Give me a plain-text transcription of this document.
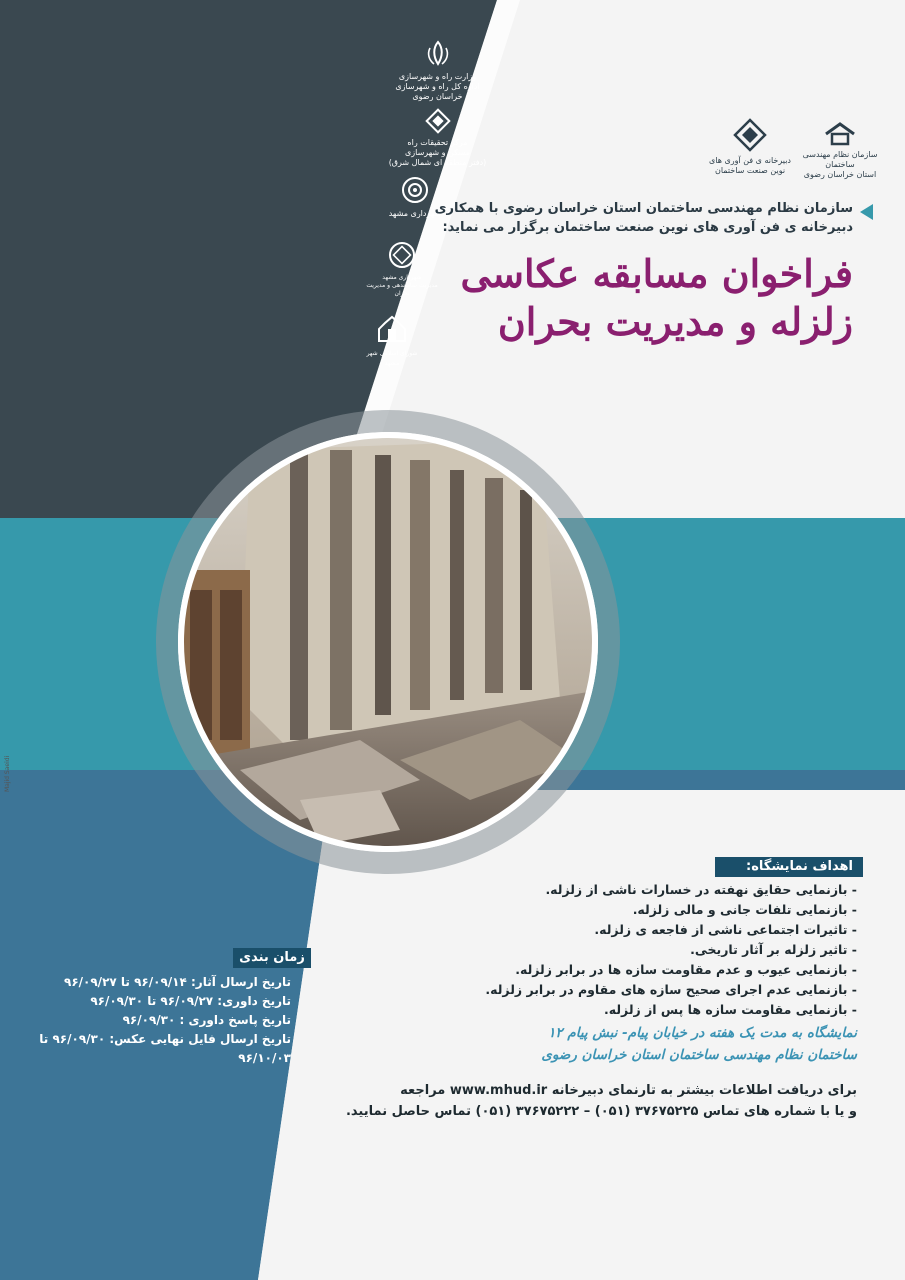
وزارت راه و شهرسازی
اداره کل راه و شهرسازی خراسان رضوی
مرکز تحقیقات راه
مسکن و شهرسازی
(دفتر منطقه ای شمال شرق)
شهرداری مشهد
شهرداری مشهد
مدیریت ساماندهی و مدیریت بحران
شورای اسلامی شهر مشهد
سازمان نظام مهندسی ساختمان
استان خراسان رضوی
دبیرخانه ی فن آوری های
نوین صنعت ساختمان
سازمان نظام مهندسی ساختمان استان خراسان رضوی با همکاری
دبیرخانه ی فن آوری های نوین صنعت ساختمان برگزار می نماید:
فراخوان مسابقه عکاسی
زلزله و مدیریت بحران
اهداف نمایشگاه:
- بازنمایی حقایق نهفته در خسارات ناشی از زلزله.
- بازنمایی تلفات جانی و مالی زلزله.
- تاثیرات اجتماعی ناشی از فاجعه ی زلزله.
- تاثیر زلزله بر آثار تاریخی.
- بازنمایی عیوب و عدم مقاومت سازه ها در برابر زلزله.
- بازنمایی عدم اجرای صحیح سازه های مقاوم در برابر زلزله.
- بازنمایی مقاومت سازه ها پس از زلزله.
نمایشگاه به مدت یک هفته در خیابان پیام- نبش پیام ۱۲
ساختمان نظام مهندسی ساختمان استان خراسان رضوی
برای دریافت اطلاعات بیشتر به تارنمای دبیرخانه www.mhud.ir مراجعه
و یا با شماره های تماس ۳۷۶۷۵۲۲۵ (۰۵۱) – ۳۷۶۷۵۲۲۲ (۰۵۱) تماس حاصل نمایید.
زمان بندی
تاریخ ارسال آثار: ۹۶/۰۹/۱۴ تا ۹۶/۰۹/۲۷
تاریخ داوری: ۹۶/۰۹/۲۷ تا ۹۶/۰۹/۳۰
تاریخ پاسخ داوری : ۹۶/۰۹/۳۰
تاریخ ارسال فایل نهایی عکس: ۹۶/۰۹/۳۰ تا ۹۶/۱۰/۰۳
Majid Saeidi
